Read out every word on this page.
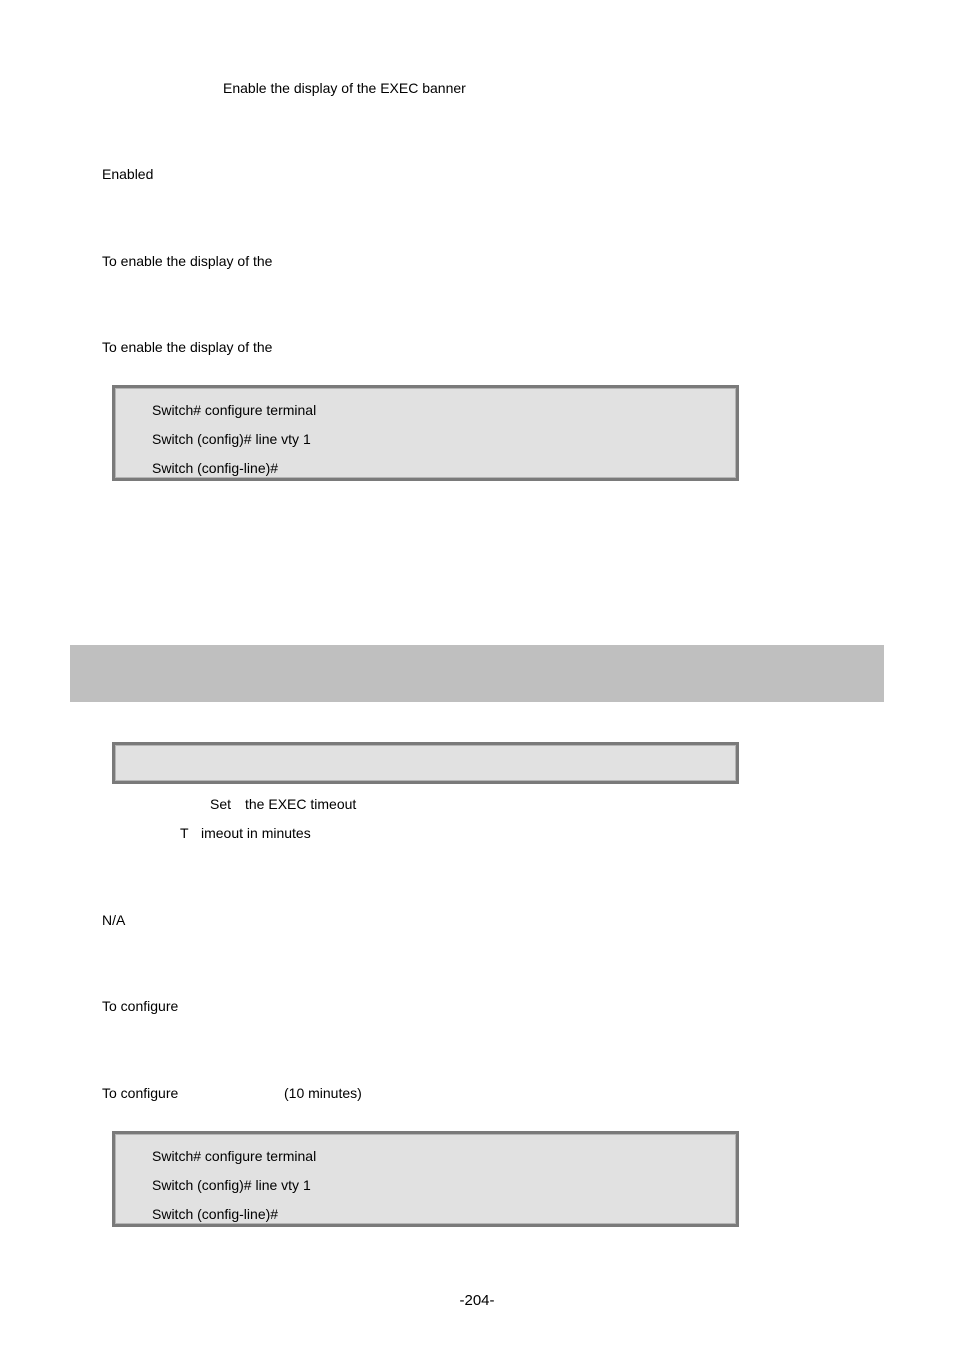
Enable the display of the EXEC banner
Enabled
To enable the display of the
To enable the display of the
Switch# configure terminal
Switch (config)# line vty 1
Switch (config-line)#
Set the EXEC timeout
T imeout in minutes
N/A
To configure
To configure	(10 minutes)
Switch# configure terminal
Switch (config)# line vty 1
Switch (config-line)#
-204-
